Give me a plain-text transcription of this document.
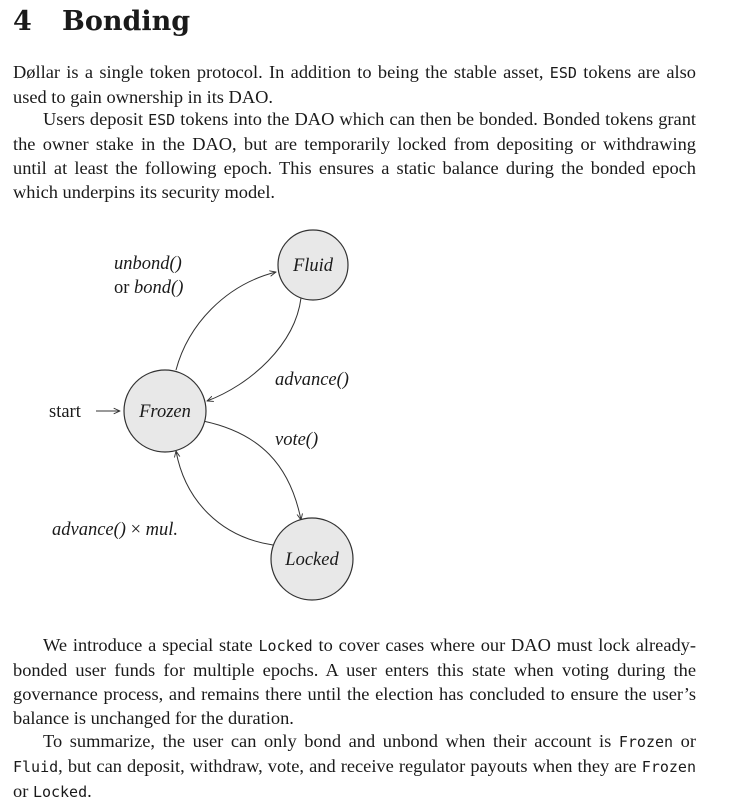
4 Bonding

Døllar is a single token protocol. In addition to being the stable asset, ESD tokens are also used to gain ownership in its DAO.

Users deposit ESD tokens into the DAO which can then be bonded. Bonded tokens grant the owner stake in the DAO, but are temporarily locked from depositing or withdrawing until at least the following epoch. This ensures a static balance during the bonded epoch which underpins its security model.

Fluid
Frozen
Locked
start
unbond()
or bond()
advance()
vote()
advance() × mul.

We introduce a special state Locked to cover cases where our DAO must lock already-bonded user funds for multiple epochs. A user enters this state when voting during the governance process, and remains there until the election has concluded to ensure the user’s balance is unchanged for the duration.

To summarize, the user can only bond and unbond when their account is Frozen or Fluid, but can deposit, withdraw, vote, and receive regulator payouts when they are Frozen or Locked.
